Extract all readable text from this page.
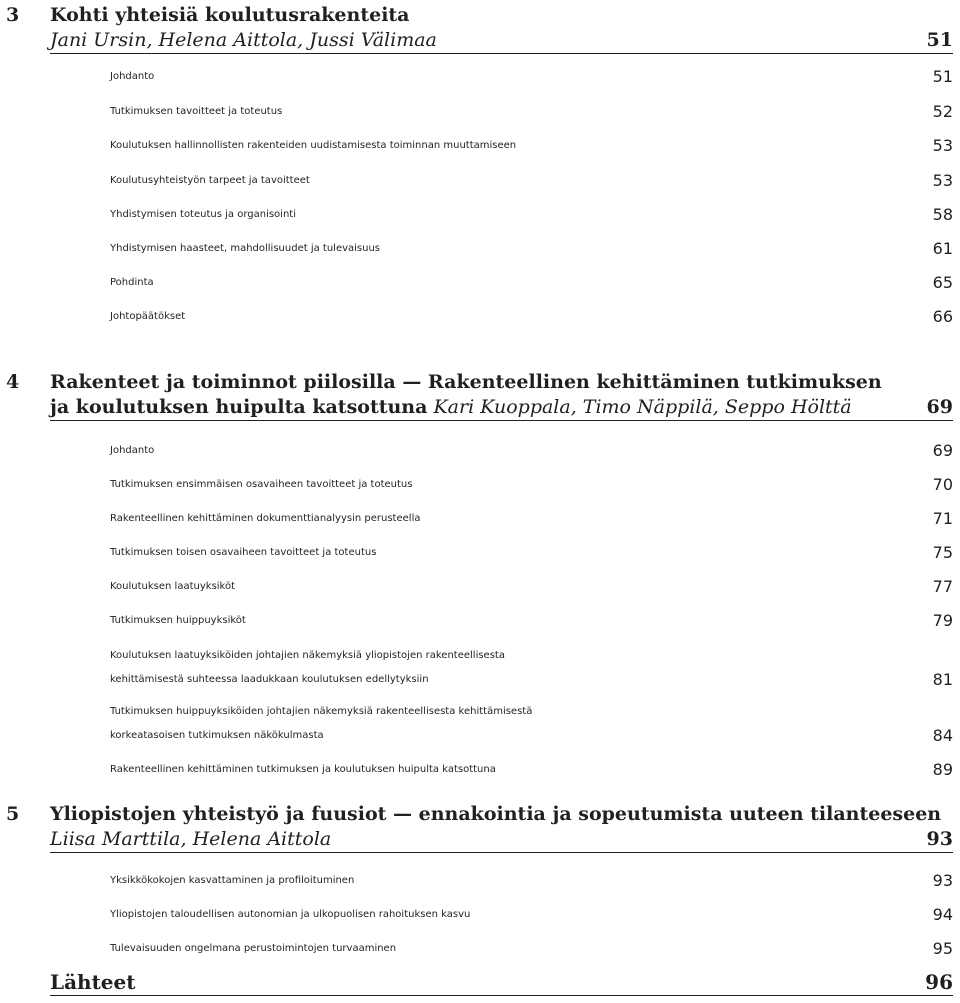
3 Kohti yhteisiä koulutusrakenteita
Jani Ursin, Helena Aittola, Jussi Välimaa	51
Johdanto	51
Tutkimuksen tavoitteet ja toteutus	52
Koulutuksen hallinnollisten rakenteiden uudistamisesta toiminnan muuttamiseen	53
Koulutusyhteistyön tarpeet ja tavoitteet	53
Yhdistymisen toteutus ja organisointi	58
Yhdistymisen haasteet, mahdollisuudet ja tulevaisuus	61
Pohdinta	65
Johtopäätökset	66
4 Rakenteet ja toiminnot piilosilla — Rakenteellinen kehittäminen tutkimuksen
ja koulutuksen huipulta katsottuna Kari Kuoppala, Timo Näppilä, Seppo Hölttä	69
Johdanto	69
Tutkimuksen ensimmäisen osavaiheen tavoitteet ja toteutus	70
Rakenteellinen kehittäminen dokumenttianalyysin perusteella	71
Tutkimuksen toisen osavaiheen tavoitteet ja toteutus	75
Koulutuksen laatuyksiköt	77
Tutkimuksen huippuyksiköt	79
Koulutuksen laatuyksiköiden johtajien näkemyksiä yliopistojen rakenteellisesta
kehittämisestä suhteessa laadukkaan koulutuksen edellytyksiin	81
Tutkimuksen huippuyksiköiden johtajien näkemyksiä rakenteellisesta kehittämisestä
korkeatasoisen tutkimuksen näkökulmasta	84
Rakenteellinen kehittäminen tutkimuksen ja koulutuksen huipulta katsottuna	89
5 Yliopistojen yhteistyö ja fuusiot — ennakointia ja sopeutumista uuteen tilanteeseen
Liisa Marttila, Helena Aittola	93
Yksikkökokojen kasvattaminen ja profiloituminen	93
Yliopistojen taloudellisen autonomian ja ulkopuolisen rahoituksen kasvu	94
Tulevaisuuden ongelmana perustoimintojen turvaaminen	95
Lähteet	96
